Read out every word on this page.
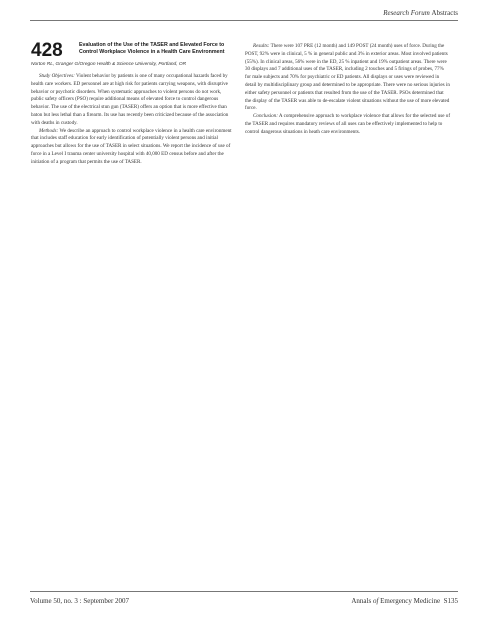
Research Forum Abstracts
428	Evaluation of the Use of the TASER and Elevated Force to Control Workplace Violence in a Health Care Environment
Norton RL, Granger G/Oregon Health & Science University, Portland, OR

Study Objectives: Violent behavior by patients is one of many occupational hazards faced by health care workers. ED personnel are at high risk for patients carrying weapons, with disruptive behavior or psychotic disorders. When systematic approaches to violent persons do not work, public safety officers (PSO) require additional means of elevated force to control dangerous behavior. The use of the electrical stun gun (TASER) offers an option that is more effective than baton but less lethal than a firearm. Its use has recently been criticized because of the association with deaths in custody.

Methods: We describe an approach to control workplace violence in a health care environment that includes staff education for early identification of potentially violent persons and initial approaches but allows for the use of TASER in select situations. We report the incidence of use of force in a Level I trauma center university hospital with 40,000 ED census before and after the initiation of a program that permits the use of TASER.

Results: There were 107 PRE (12 month) and 149 POST (24 month) uses of force. During the POST, 92% were in clinical, 5 % in general public and 3% in exterior areas. Most involved patients (55%). In clinical areas, 56% were in the ED, 25 % inpatient and 19% outpatient areas. There were 30 displays and 7 additional uses of the TASER, including 2 touches and 5 firings of probes, 77% for male subjects and 70% for psychiatric or ED patients. All displays or uses were reviewed in detail by multidisciplinary group and determined to be appropriate. There were no serious injuries in either safety personnel or patients that resulted from the use of the TASER. PSOs determined that the display of the TASER was able to de-escalate violent situations without the use of more elevated force.

Conclusion: A comprehensive approach to workplace violence that allows for the selected use of the TASER and requires mandatory reviews of all uses can be effectively implemented to help to control dangerous situations in heath care environments.

Volume 50, no. 3 : September 2007	Annals of Emergency Medicine S135
